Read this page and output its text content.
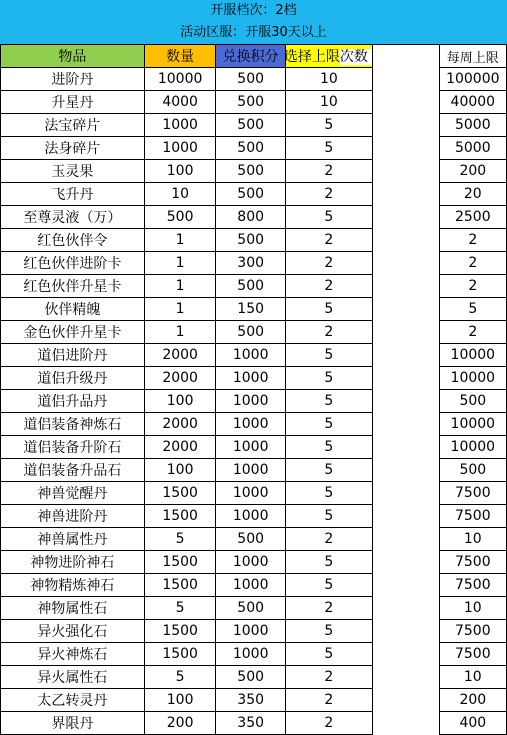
开服档次：2档
活动区服：开服30天以上
物品	数量	兑换积分	选择上限次数		每周上限
进阶丹	10000	500	10		100000
升星丹	4000	500	10		40000
法宝碎片	1000	500	5		5000
法身碎片	1000	500	5		5000
玉灵果	100	500	2		200
飞升丹	10	500	2		20
至尊灵液（万）	500	800	5		2500
红色伙伴令	1	500	2		2
红色伙伴进阶卡	1	300	2		2
红色伙伴升星卡	1	500	2		2
伙伴精魄	1	150	5		5
金色伙伴升星卡	1	500	2		2
道侣进阶丹	2000	1000	5		10000
道侣升级丹	2000	1000	5		10000
道侣升品丹	100	1000	5		500
道侣装备神炼石	2000	1000	5		10000
道侣装备升阶石	2000	1000	5		10000
道侣装备升品石	100	1000	5		500
神兽觉醒丹	1500	1000	5		7500
神兽进阶丹	1500	1000	5		7500
神兽属性丹	5	500	2		10
神物进阶神石	1500	1000	5		7500
神物精炼神石	1500	1000	5		7500
神物属性石	5	500	2		10
异火强化石	1500	1000	5		7500
异火神炼石	1500	1000	5		7500
异火属性石	5	500	2		10
太乙转灵丹	100	350	2		200
界限丹	200	350	2		400
